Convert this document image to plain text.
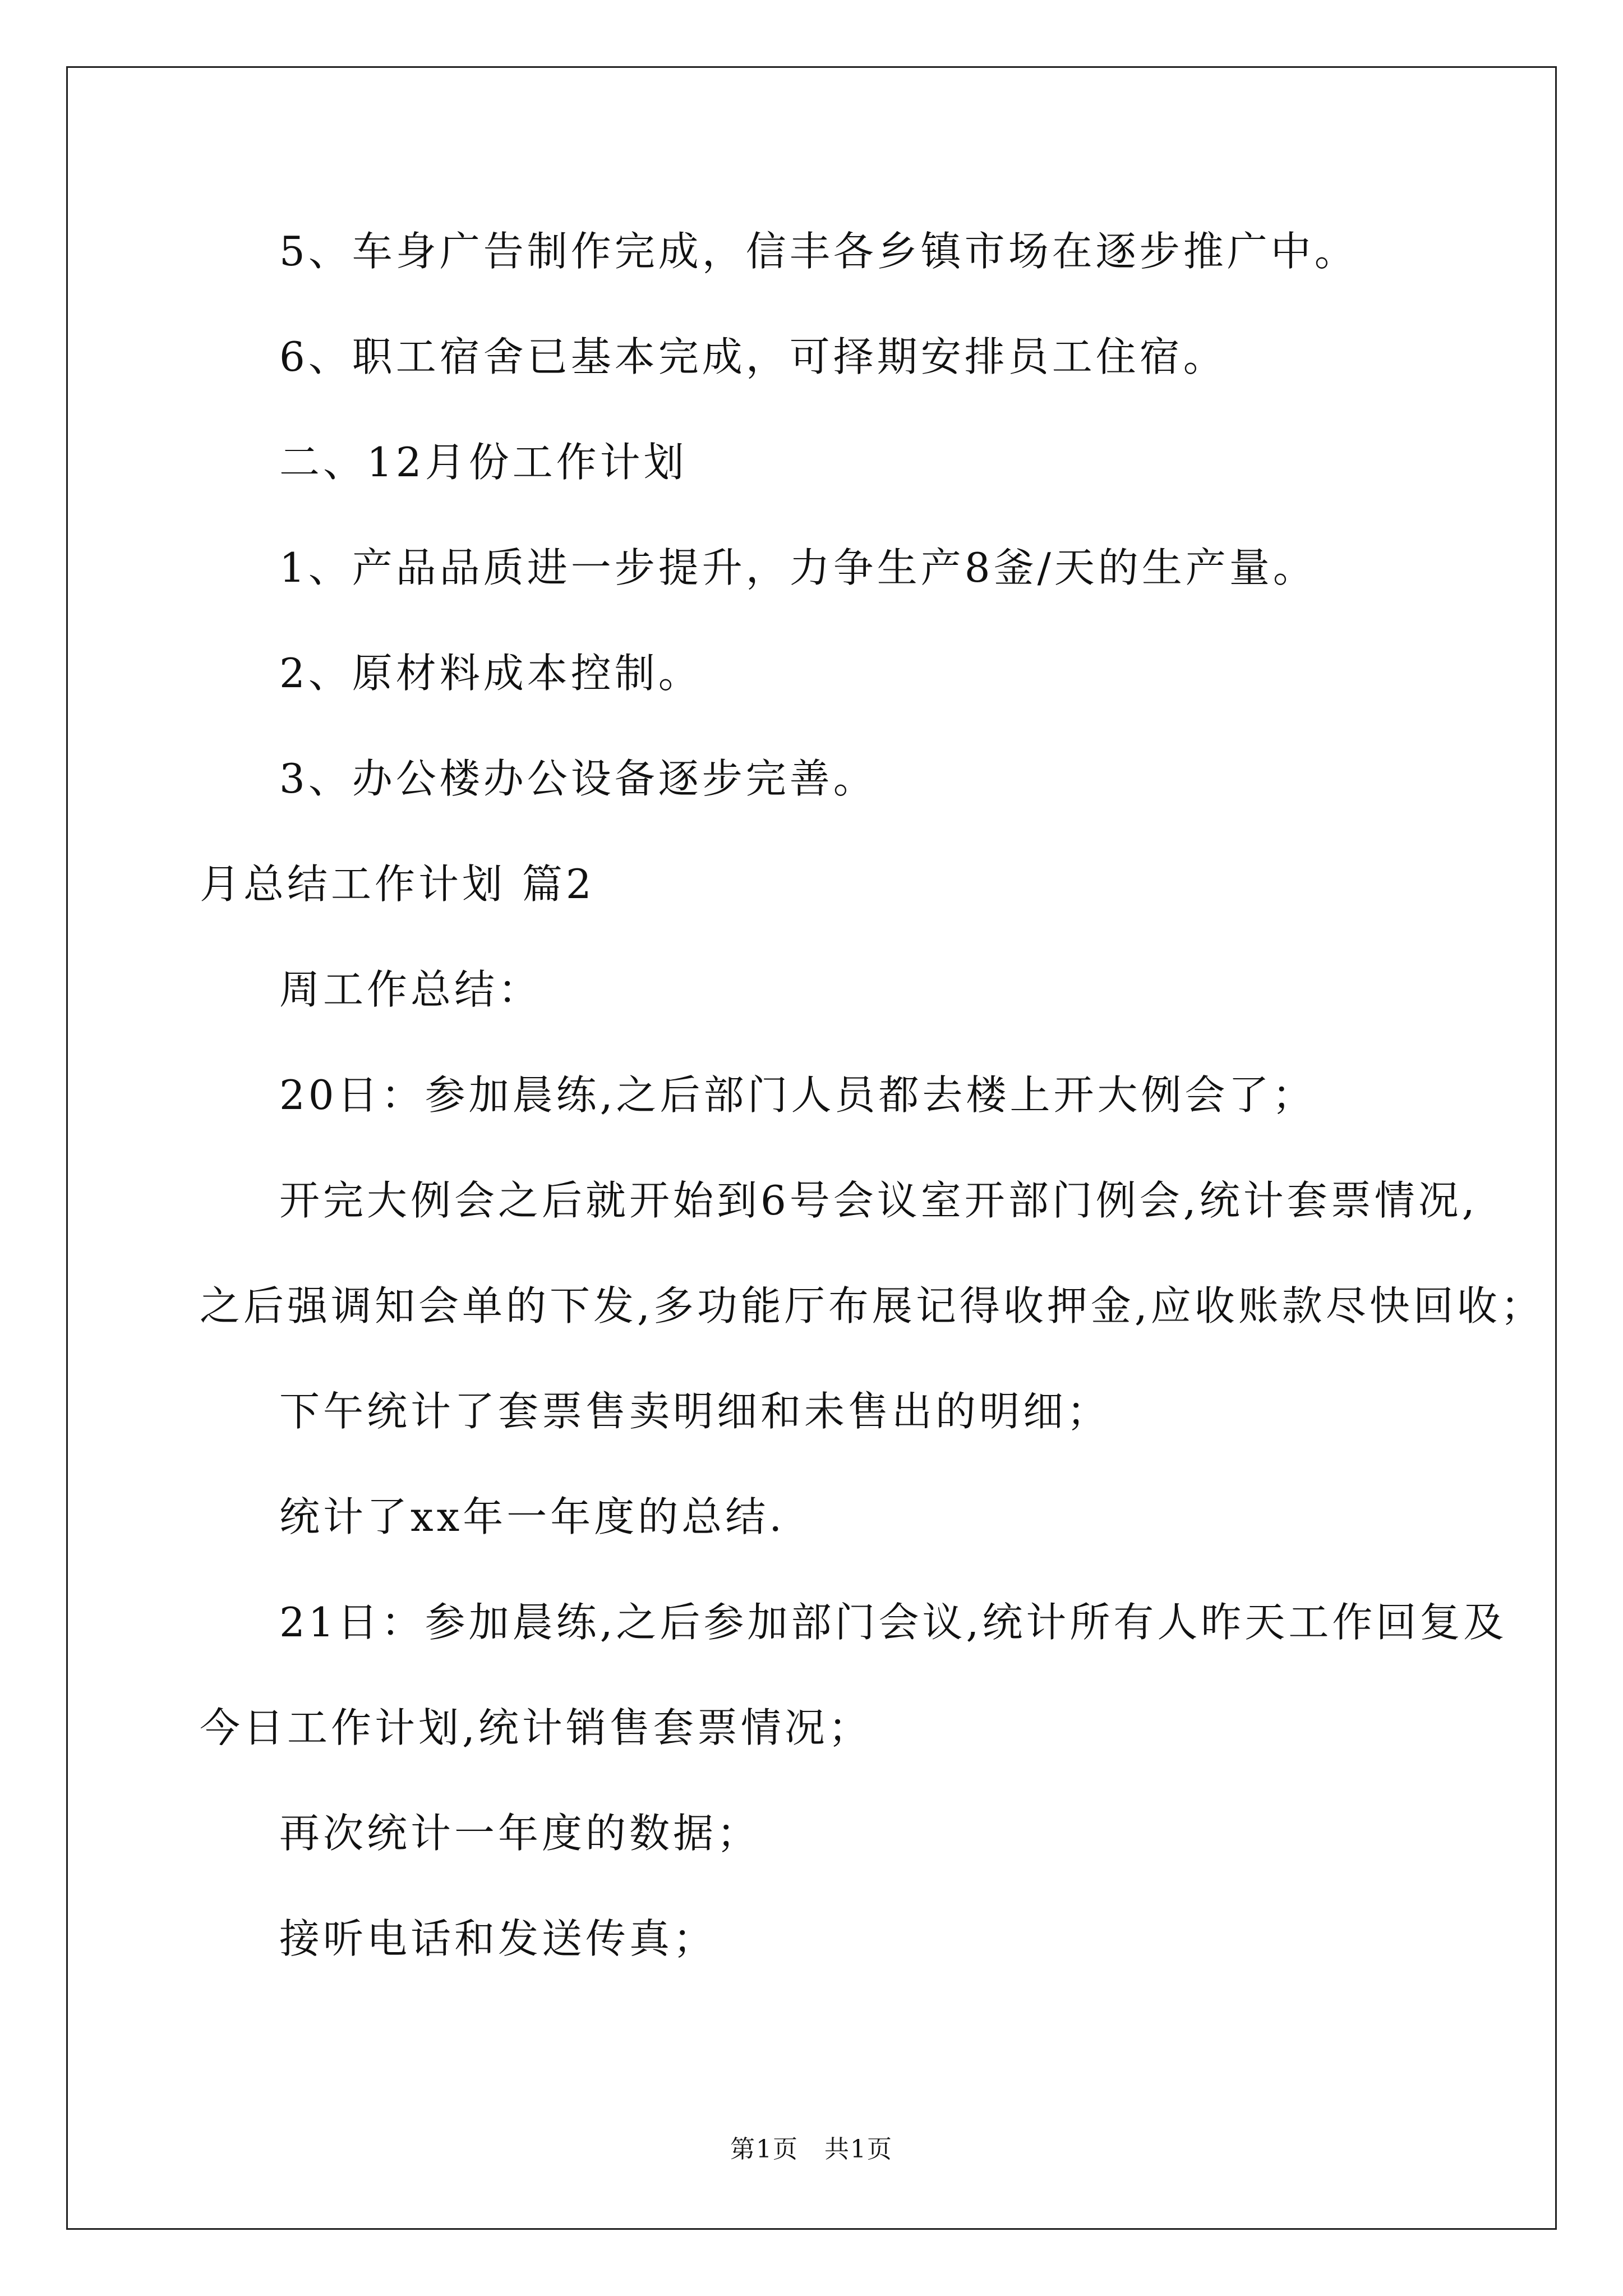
5、车身广告制作完成，信丰各乡镇市场在逐步推广中。
6、职工宿舍已基本完成，可择期安排员工住宿。
二、12月份工作计划
1、产品品质进一步提升，力争生产8釜/天的生产量。
2、原材料成本控制。
3、办公楼办公设备逐步完善。
月总结工作计划 篇2
周工作总结：
20日：参加晨练,之后部门人员都去楼上开大例会了；
开完大例会之后就开始到6号会议室开部门例会,统计套票情况,
之后强调知会单的下发,多功能厅布展记得收押金,应收账款尽快回收；
下午统计了套票售卖明细和未售出的明细；
统计了xx年一年度的总结.
21日：参加晨练,之后参加部门会议,统计所有人昨天工作回复及
今日工作计划,统计销售套票情况；
再次统计一年度的数据；
接听电话和发送传真；
第1页　共1页
